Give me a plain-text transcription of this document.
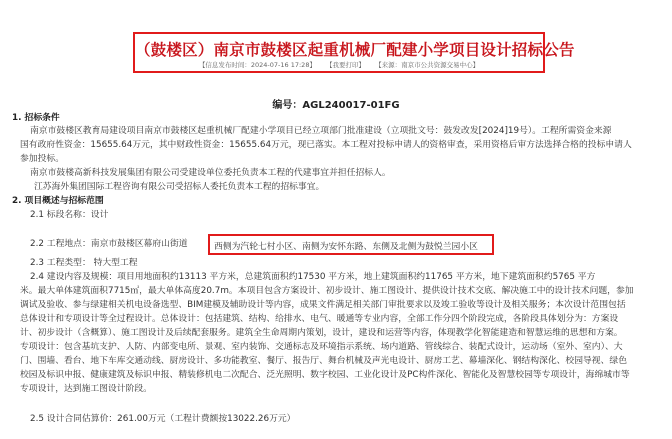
（鼓楼区）南京市鼓楼区起重机械厂配建小学项目设计招标公告
【信息发布时间：2024-07-16 17:28】 【我要打印】 【来源：南京市公共资源交易中心】
编号：AGL240017-01FG
1. 招标条件
南京市鼓楼区教育局建设项目南京市鼓楼区起重机械厂配建小学项目已经立项部门批准建设（立项批文号：鼓发改发[2024]19号）。工程所需资金来源
国有政府性资金：15655.64万元，其中财政性资金：15655.64万元，现已落实。本工程对投标申请人的资格审查，采用资格后审方法选择合格的投标申请人
参加投标。
南京市鼓楼高新科技发展集团有限公司受建设单位委托负责本工程的代建事宜并担任招标人。
江苏海外集团国际工程咨询有限公司受招标人委托负责本工程的招标事宜。
2. 项目概述与招标范围
2.1 标段名称：设计
2.2 工程地点：南京市鼓楼区幕府山街道	西侧为汽轮七村小区、南侧为安怀东路、东侧及北侧为鼓悦兰园小区
2.3 工程类型： 特大型工程
2.4 建设内容及规模：项目用地面积约13113 平方米，总建筑面积约17530 平方米，地上建筑面积约11765 平方米，地下建筑面积约5765 平方
米。最大单体建筑面积7715㎡，最大单体高度20.7m。本项目包含方案设计、初步设计、施工图设计、提供设计技术交底、解决施工中的设计技术问题，参加
调试及验收、参与绿建相关机电设备选型、BIM建模及辅助设计等内容，成果文件满足相关部门审批要求以及竣工验收等设计及相关服务；本次设计范围包括
总体设计和专项设计等全过程设计。总体设计：包括建筑、结构、给排水、电气、暖通等专业内容，全部工作分四个阶段完成，各阶段具体划分为：方案设
计、初步设计（含概算）、施工图设计及后续配套服务。建筑全生命周期内策划，设计，建设和运营等内容，体现教学化智能建造和智慧运维的思想和方案。
专项设计：包含基坑支护、人防、内部变电所、景观、室内装饰、交通标志及环境指示系统、场内道路、管线综合、装配式设计，运动场（室外、室内）、大
门、围墙、看台、地下车库交通动线、厨房设计、多功能教室、餐厅、报告厅、舞台机械及声光电设计、厨房工艺、幕墙深化、钢结构深化、校园导视、绿色
校园及标识申报、健康建筑及标识申报、精装修机电二次配合、泛光照明、数字校园、工业化设计及PC构件深化、智能化及智慧校园等专项设计，海绵城市等
专项设计，达到施工图设计阶段。
2.5 设计合同估算价：261.00万元（工程计费额按13022.26万元）
